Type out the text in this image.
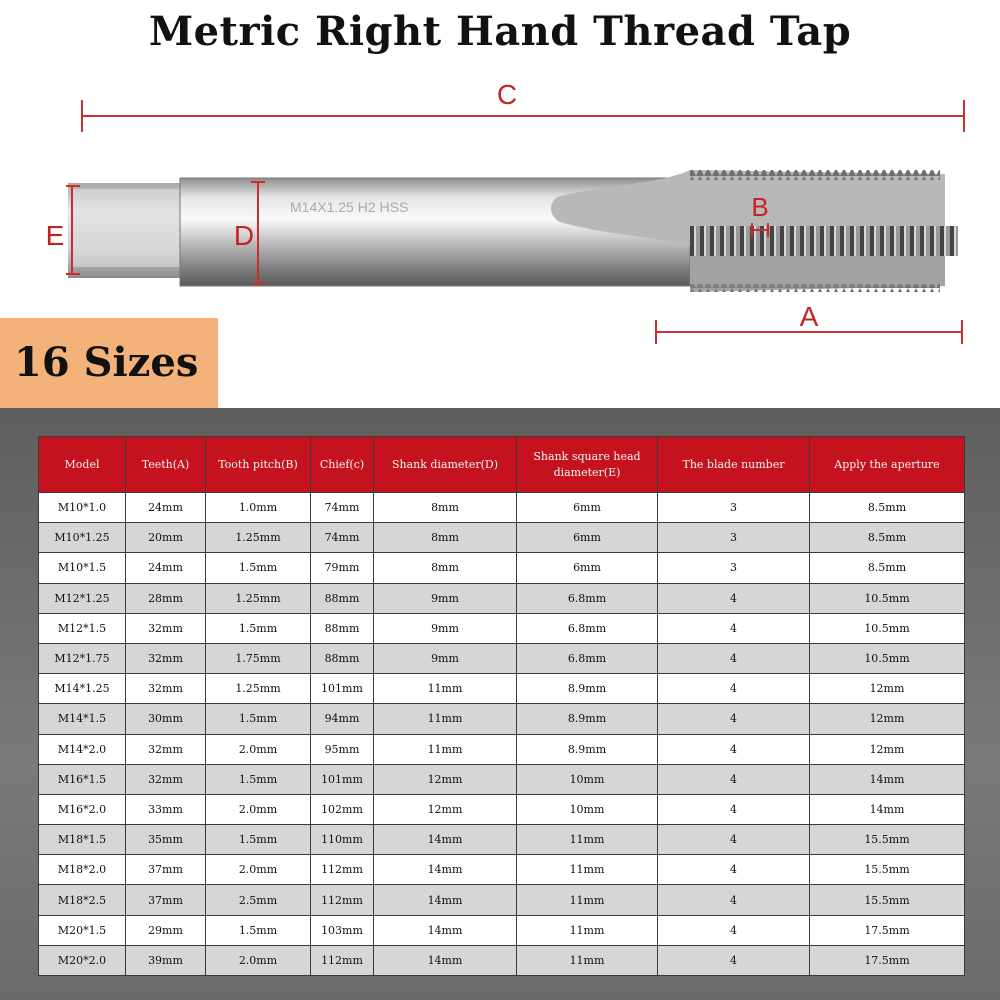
Metric Right Hand Thread Tap
C
M14X1.25 H2 HSS
E	D
B
A
16 Sizes
Model	Teeth(A)	Tooth pitch(B)	Chief(c)	Shank diameter(D)	Shank square head diameter(E)	The blade number	Apply the aperture
M10*1.0	24mm	1.0mm	74mm	8mm	6mm	3	8.5mm
M10*1.25	20mm	1.25mm	74mm	8mm	6mm	3	8.5mm
M10*1.5	24mm	1.5mm	79mm	8mm	6mm	3	8.5mm
M12*1.25	28mm	1.25mm	88mm	9mm	6.8mm	4	10.5mm
M12*1.5	32mm	1.5mm	88mm	9mm	6.8mm	4	10.5mm
M12*1.75	32mm	1.75mm	88mm	9mm	6.8mm	4	10.5mm
M14*1.25	32mm	1.25mm	101mm	11mm	8.9mm	4	12mm
M14*1.5	30mm	1.5mm	94mm	11mm	8.9mm	4	12mm
M14*2.0	32mm	2.0mm	95mm	11mm	8.9mm	4	12mm
M16*1.5	32mm	1.5mm	101mm	12mm	10mm	4	14mm
M16*2.0	33mm	2.0mm	102mm	12mm	10mm	4	14mm
M18*1.5	35mm	1.5mm	110mm	14mm	11mm	4	15.5mm
M18*2.0	37mm	2.0mm	112mm	14mm	11mm	4	15.5mm
M18*2.5	37mm	2.5mm	112mm	14mm	11mm	4	15.5mm
M20*1.5	29mm	1.5mm	103mm	14mm	11mm	4	17.5mm
M20*2.0	39mm	2.0mm	112mm	14mm	11mm	4	17.5mm
